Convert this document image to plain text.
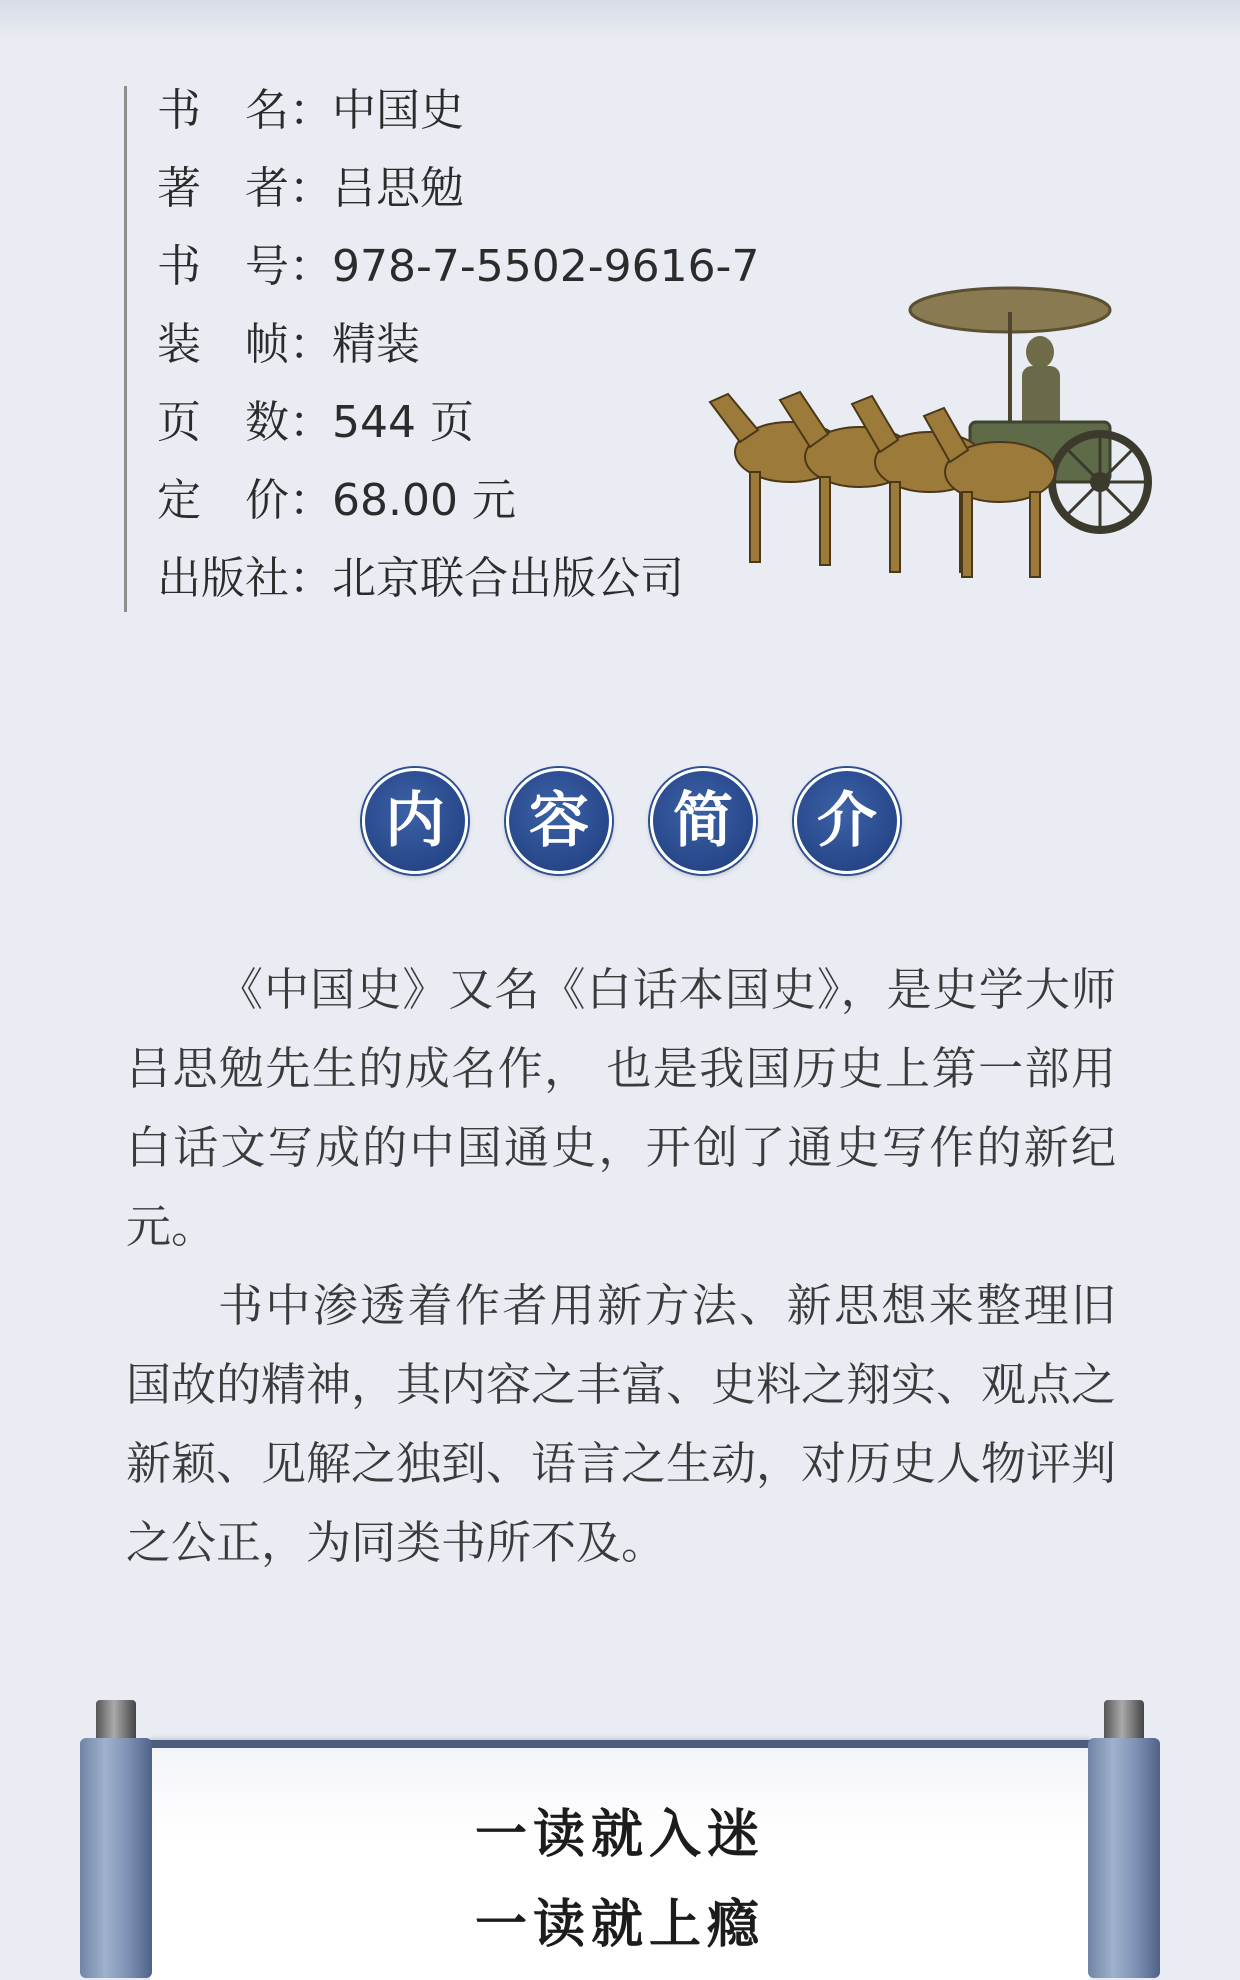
书 名： 中国史
著 者： 吕思勉
书 号： 978-7-5502-9616-7
装 帧： 精装
页 数： 544 页
定 价： 68.00 元
出版社： 北京联合出版公司
内	容	简	介

《中国史》又名《白话本国史》，是史学大师吕思勉先生的成名作， 也是我国历史上第一部用白话文写成的中国通史，开创了通史写作的新纪元。

书中渗透着作者用新方法、新思想来整理旧国故的精神，其内容之丰富、史料之翔实、观点之新颖、见解之独到、语言之生动，对历史人物评判之公正，为同类书所不及。

一读就入迷
一读就上瘾
